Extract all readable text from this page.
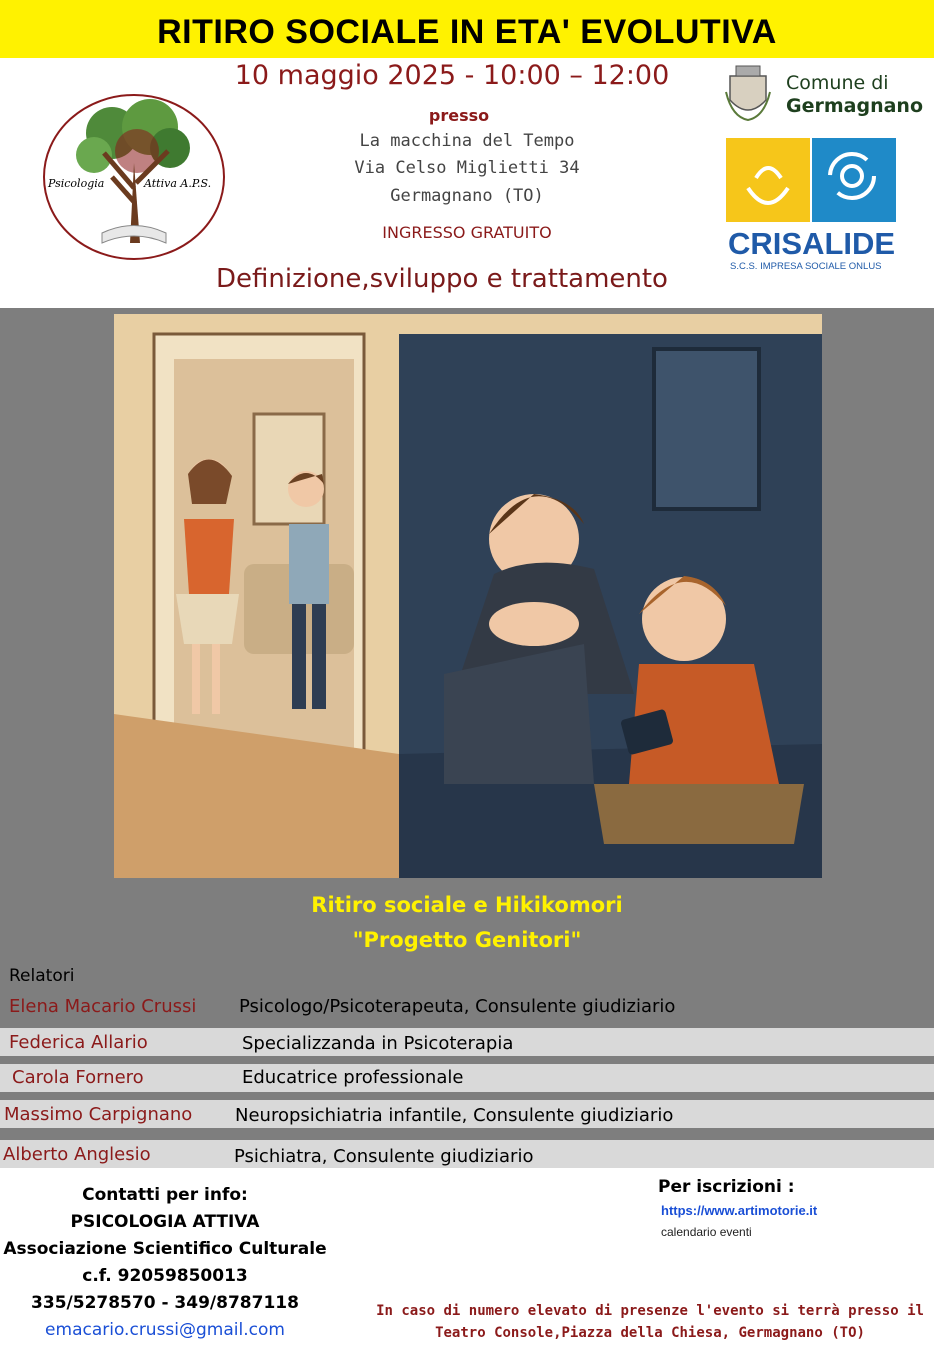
RITIRO SOCIALE IN ETA' EVOLUTIVA
Psicologia	Attiva A.P.S.
10 maggio 2025 - 10:00 – 12:00
presso
La macchina del Tempo
Via Celso Miglietti 34
Germagnano (TO)
INGRESSO GRATUITO
Definizione,sviluppo e trattamento
Comune di
Germagnano
CRISALIDE
S.C.S. IMPRESA SOCIALE ONLUS
Ritiro sociale e Hikikomori
"Progetto Genitori"
Relatori
Elena Macario Crussi Psicologo/Psicoterapeuta, Consulente giudiziario
Federica Allario	Specializzanda in Psicoterapia
Carola Fornero	Educatrice professionale
Massimo Carpignano Neuropsichiatria infantile, Consulente giudiziario
Alberto Anglesio	Psichiatra, Consulente giudiziario
Contatti per info:
PSICOLOGIA ATTIVA
Associazione Scientifico Culturale
c.f. 92059850013
335/5278570 - 349/8787118
emacario.crussi@gmail.com
Per iscrizioni :
https://www.artimotorie.it
calendario eventi
In caso di numero elevato di presenze l'evento si terrà presso il
Teatro Console,Piazza della Chiesa, Germagnano (TO)
